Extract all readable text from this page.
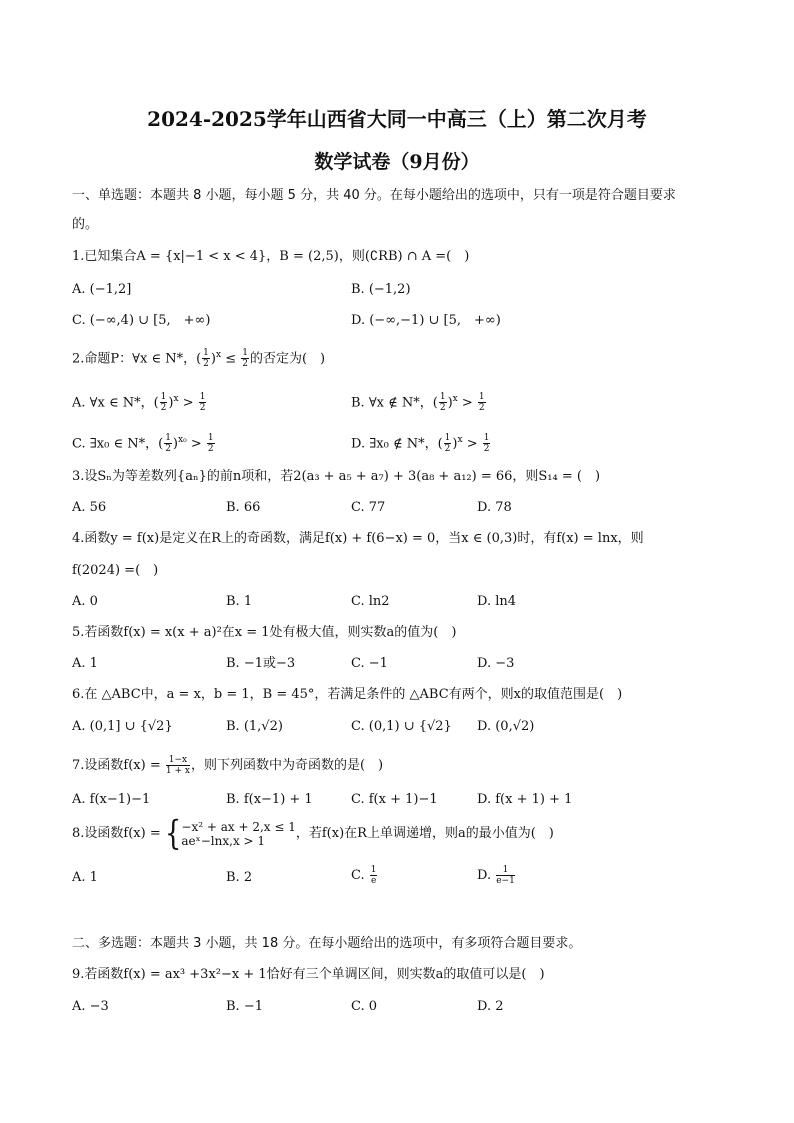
2024-2025学年山西省大同一中高三（上）第二次月考
数学试卷（9月份）
一、单选题：本题共 8 小题，每小题 5 分，共 40 分。在每小题给出的选项中，只有一项是符合题目要求
的。
1.已知集合A = {x|−1 < x < 4}，B = (2,5)，则(∁RB) ∩ A =(　)
A. (−1,2]	B. (−1,2)
C. (−∞,4) ∪ [5,　+∞)	D. (−∞,−1) ∪ [5,　+∞)
2.命题P：∀x ∈ N*，( $\frac{1}{2} )^x \le \frac{1}{2}$ 的否定为(　)
A. ∀x ∈ N*，( $\frac{1}{2} )^x > \frac{1}{2}$	B. ∀x ∉ N*，( $\frac{1}{2} )^x > \frac{1}{2}$
C. ∃x₀ ∈ N*，( $\frac{1}{2} )^{x_0} > \frac{1}{2}$	D. ∃x₀ ∉ N*，( $\frac{1}{2} )^x > \frac{1}{2}$
3.设Sₙ为等差数列{aₙ}的前n项和，若2(a₃ + a₅ + a₇) + 3(a₈ + a₁₂) = 66，则S₁₄ = (　)
A. 56	B. 66	C. 77	D. 78
4.函数y = f(x)是定义在R上的奇函数，满足f(x) + f(6−x) = 0，当x ∈ (0,3)时，有f(x) = lnx，则
f(2024) =(　)
A. 0	B. 1	C. ln2	D. ln4
5.若函数f(x) = x(x + a)²在x = 1处有极大值，则实数a的值为(　)
A. 1	B. −1或−3	C. −1	D. −3
6.在 △ABC中，a = x，b = 1，B = 45°，若满足条件的 △ABC有两个，则x的取值范围是(　)
A. (0,1] ∪ {√2}	B. (1,√2)	C. (0,1) ∪ {√2} D. (0,√2)
7.设函数$f(x) = \frac{1-x}{1 + x}$ ，则下列函数中为奇函数的是(　)
A. f(x−1)−1	B. f(x−1) + 1	C. f(x + 1)−1	D. f(x + 1) + 1
8.设函数f(x) = { −x² + ax + 2,x ≤ 1
aeˣ−lnx,x > 1	，若f(x)在R上单调递增，则a的最小值为(　)
A. 1	B. 2	C. $\frac{1}{e}$	D. $\frac{1}{e-1}$
二、多选题：本题共 3 小题，共 18 分。在每小题给出的选项中，有多项符合题目要求。
9.若函数f(x) = ax³ +3x²−x + 1恰好有三个单调区间，则实数a的取值可以是(　)
A. −3	B. −1	C. 0	D. 2
